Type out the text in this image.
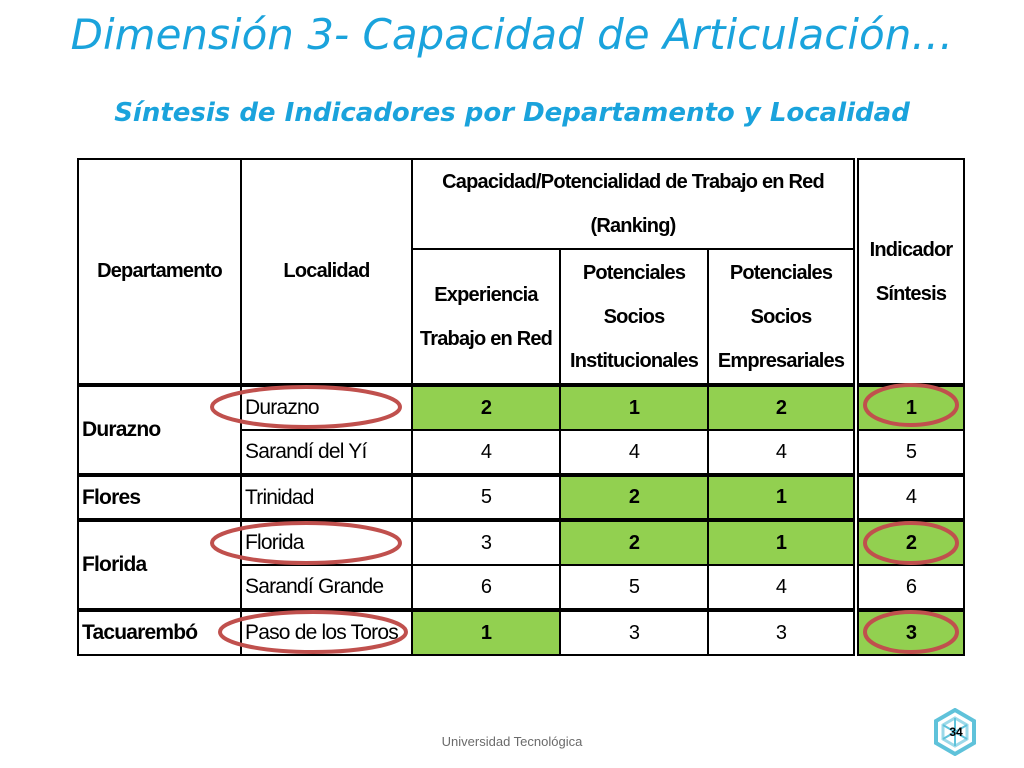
Dimensión 3- Capacidad de Articulación…
Síntesis de Indicadores por Departamento y Localidad
Departamento	Localidad	Capacidad/Potencialidad de Trabajo en Red (Ranking)			Indicador Síntesis
		Experiencia Trabajo en Red	Potenciales Socios Institucionales	Potenciales Socios Empresariales	
Durazno	Durazno	2	1	2	1
	Sarandí del Yí	4	4	4	5
Flores	Trinidad	5	2	1	4
Florida	Florida	3	2	1	2
	Sarandí Grande	6	5	4	6
Tacuarembó	Paso de los Toros	1	3	3	3
Universidad Tecnológica
34
